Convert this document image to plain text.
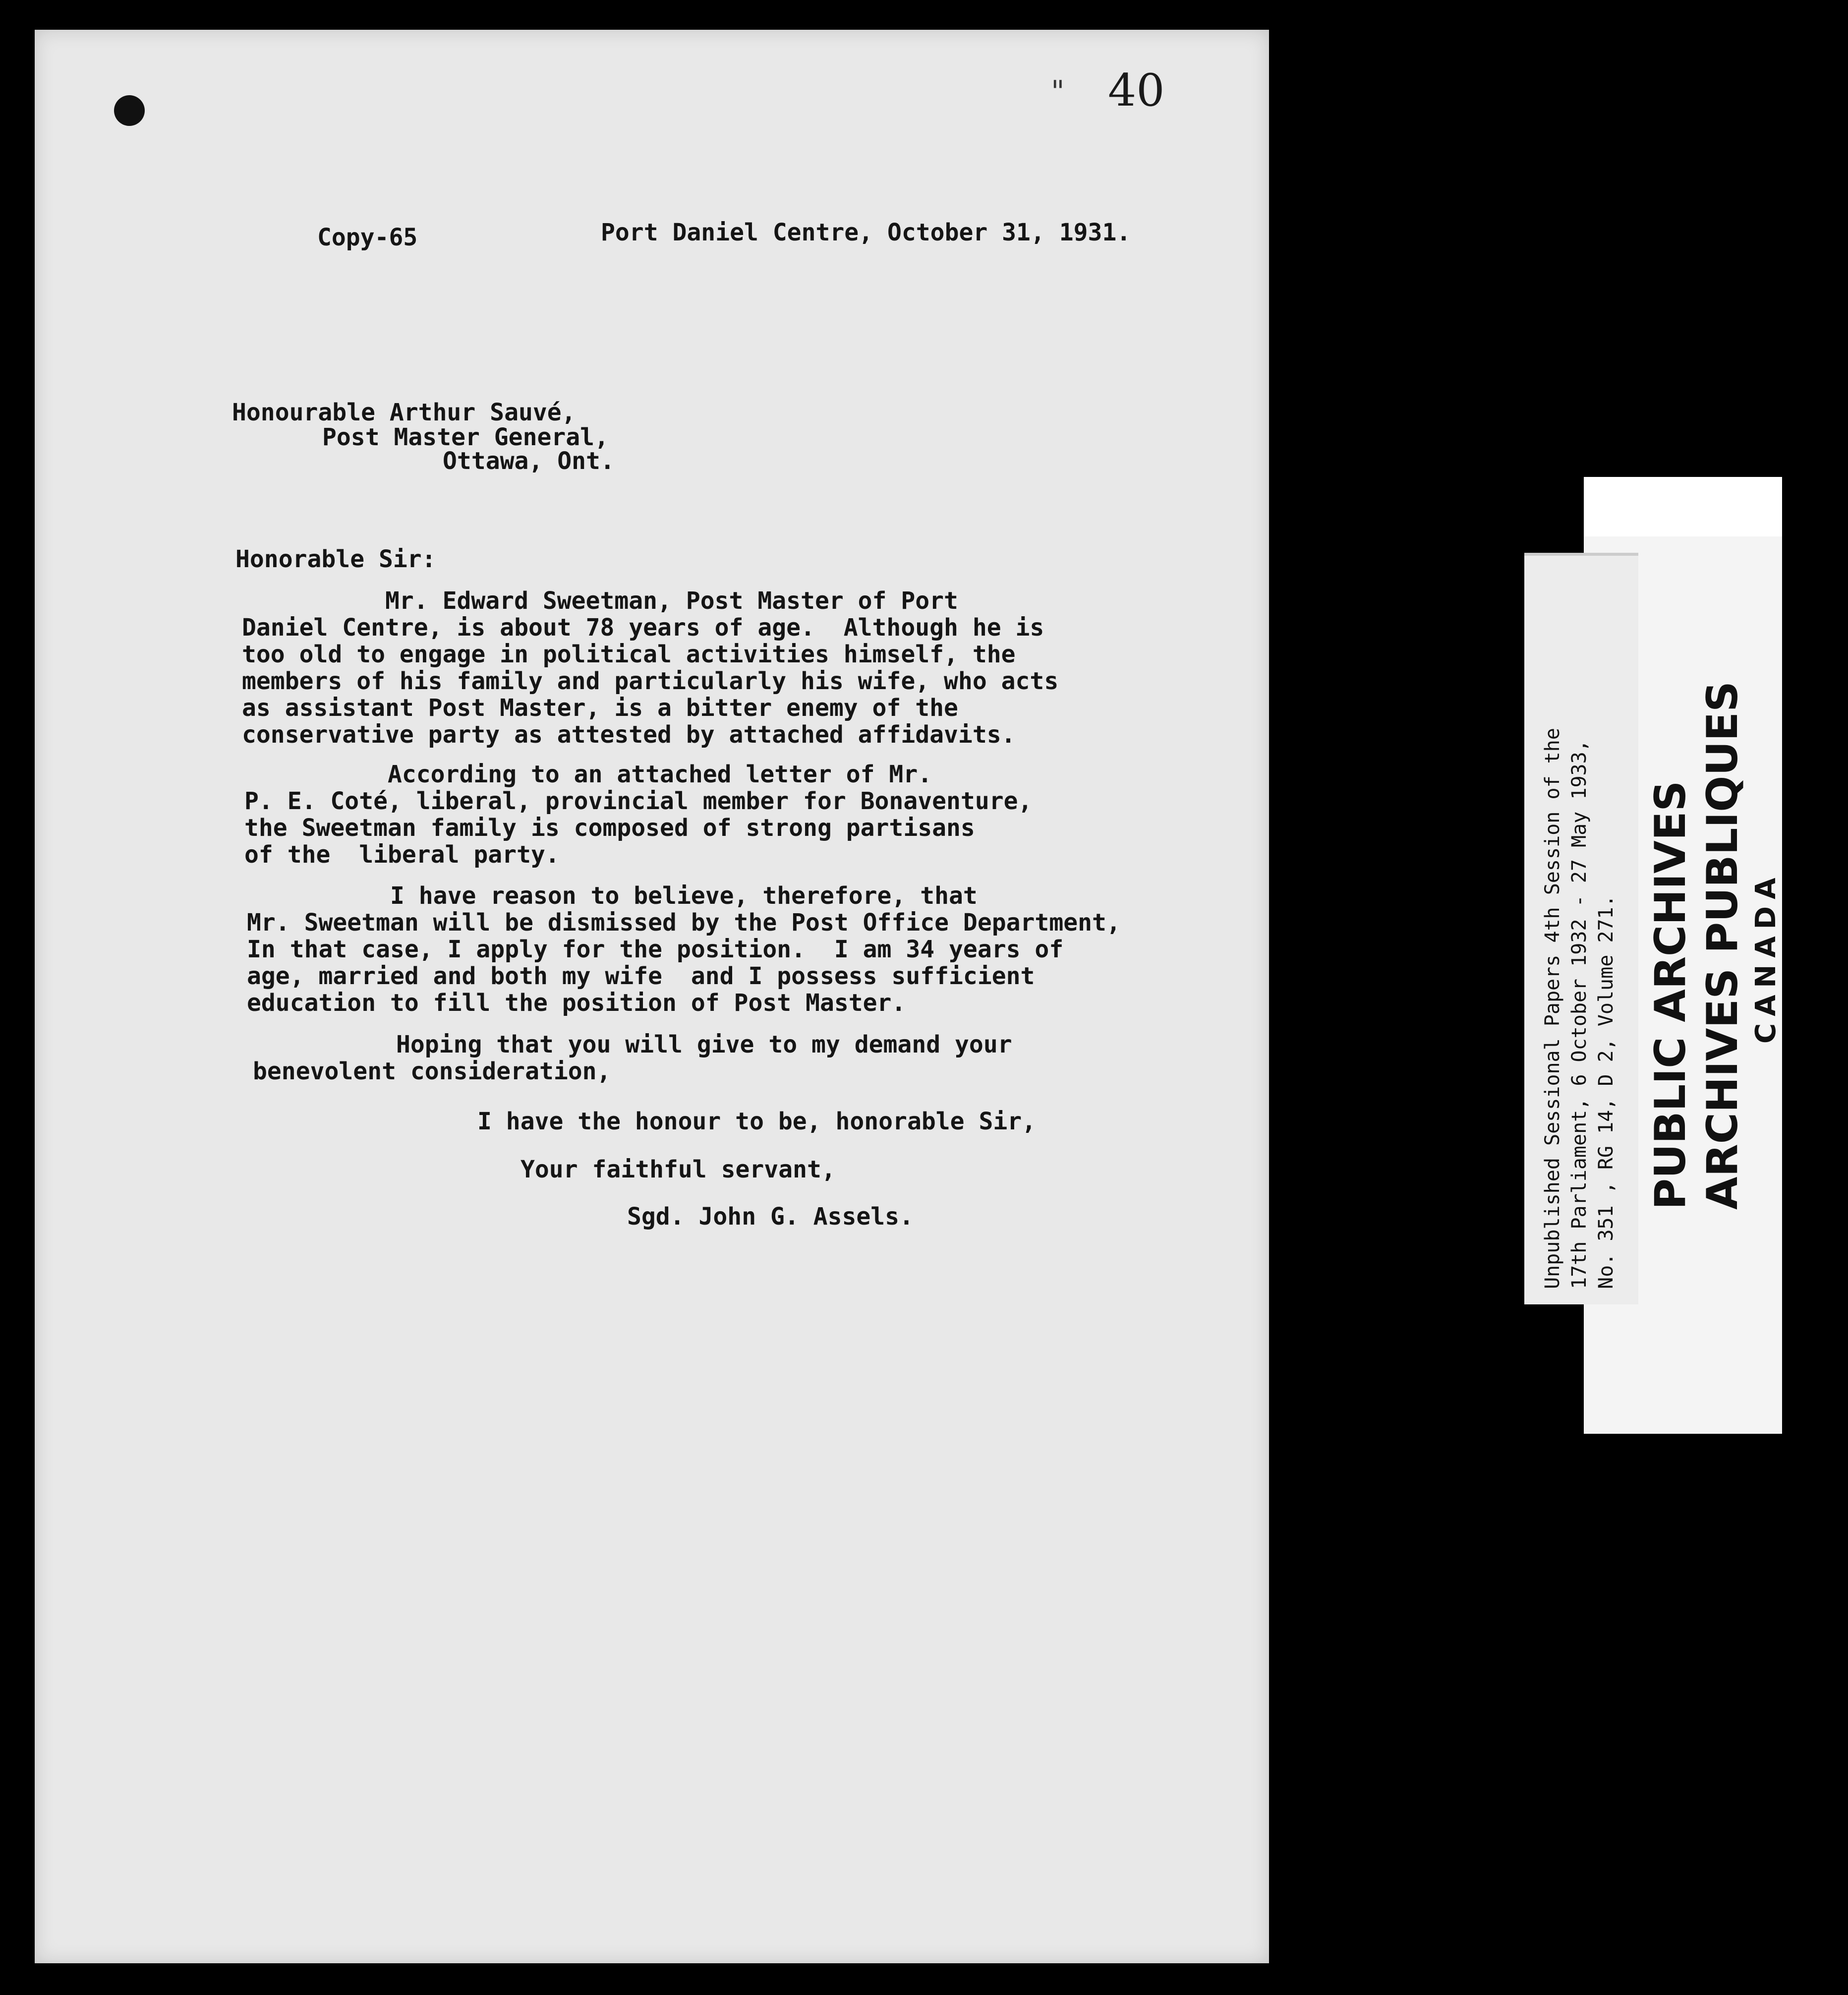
" 40
Copy-65	Port Daniel Centre, October 31, 1931.
Honourable Arthur Sauvé,
Post Master General,
Ottawa, Ont.
Honorable Sir:
Mr. Edward Sweetman, Post Master of Port
Daniel Centre, is about 78 years of age.  Although he is
too old to engage in political activities himself, the
members of his family and particularly his wife, who acts
as assistant Post Master, is a bitter enemy of the
conservative party as attested by attached affidavits.
According to an attached letter of Mr.
P. E. Coté, liberal, provincial member for Bonaventure,
the Sweetman family is composed of strong partisans
of the  liberal party.
I have reason to believe, therefore, that
Mr. Sweetman will be dismissed by the Post Office Department,
In that case, I apply for the position.  I am 34 years of
age, married and both my wife  and I possess sufficient
education to fill the position of Post Master.
Hoping that you will give to my demand your
benevolent consideration,
I have the honour to be, honorable Sir,
Your faithful servant,
Sgd. John G. Assels.	Unpublished Sessional Papers 4th Session of the 17th Parliament, 6 October 1932 - 27 May 1933, No. 351 , RG 14, D 2, Volume 271. PUBLIC ARCHIVES ARCHIVES PUBLIQUES CANADA
